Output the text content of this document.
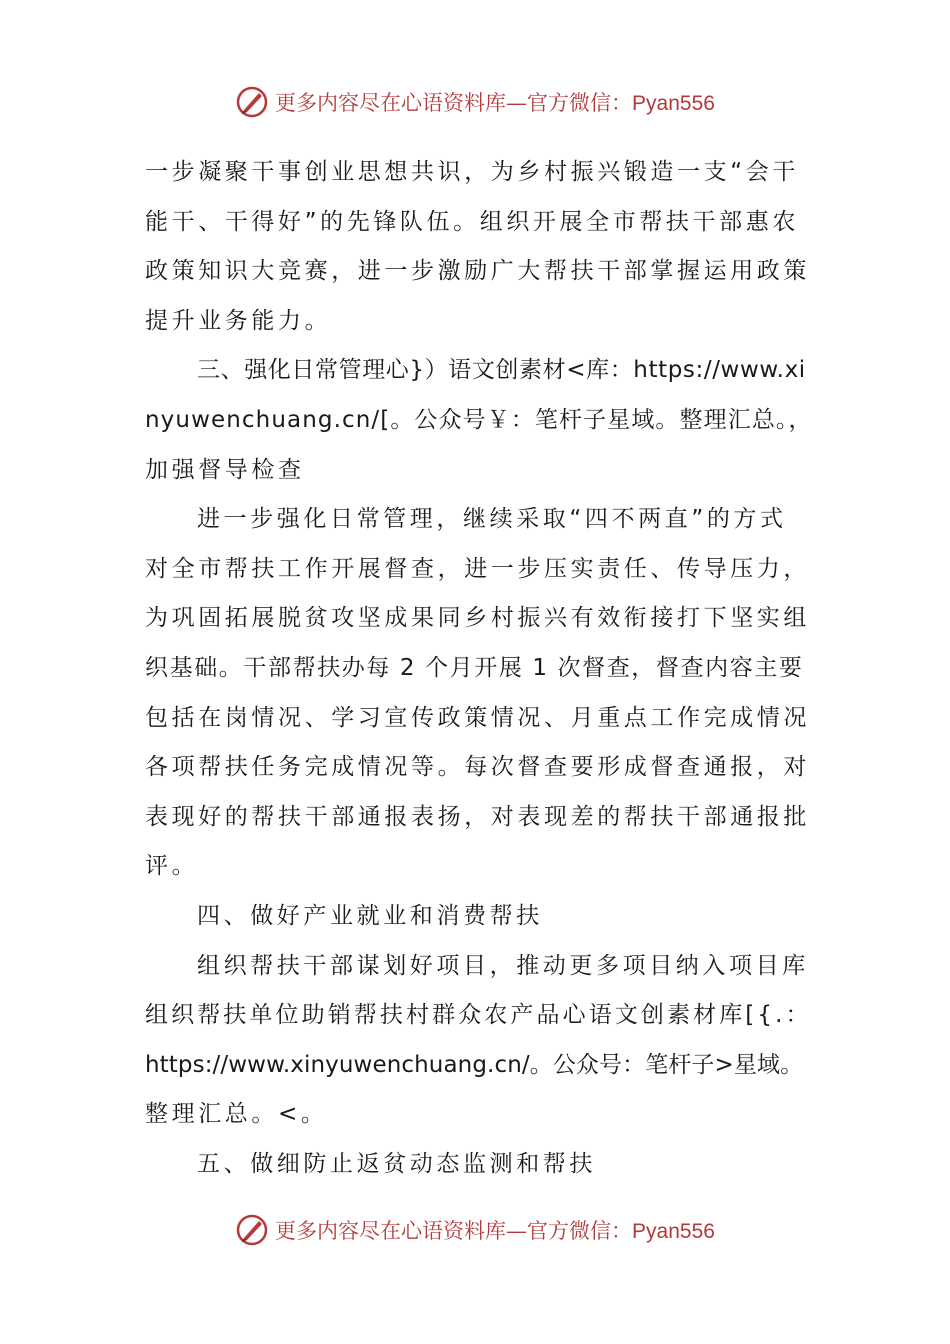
更多内容尽在心语资料库—官方微信：Pyan556
一步凝聚干事创业思想共识，为乡村振兴锻造一支“会干
能干、干得好”的先锋队伍。组织开展全市帮扶干部惠农
政策知识大竞赛，进一步激励广大帮扶干部掌握运用政策
提升业务能力。
三、强化日常管理心}）语文创素材<库：https://www.xi
nyuwenchuang.cn/[。公众号￥：笔杆子星域。整理汇总。，
加强督导检查
进一步强化日常管理，继续采取“四不两直”的方式
对全市帮扶工作开展督查，进一步压实责任、传导压力，
为巩固拓展脱贫攻坚成果同乡村振兴有效衔接打下坚实组
织基础。干部帮扶办每 2 个月开展 1 次督查，督查内容主要
包括在岗情况、学习宣传政策情况、月重点工作完成情况
各项帮扶任务完成情况等。每次督查要形成督查通报，对
表现好的帮扶干部通报表扬，对表现差的帮扶干部通报批
评。
四、做好产业就业和消费帮扶
组织帮扶干部谋划好项目，推动更多项目纳入项目库
组织帮扶单位助销帮扶村群众农产品心语文创素材库[{.：
https://www.xinyuwenchuang.cn/。公众号：笔杆子>星域。
整理汇总。<。
五、做细防止返贫动态监测和帮扶
更多内容尽在心语资料库—官方微信：Pyan556
